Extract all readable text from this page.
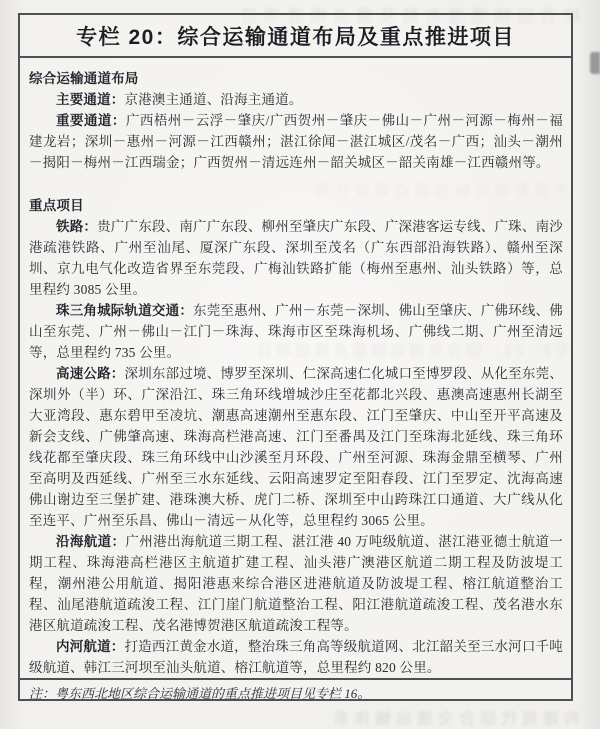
综合运输通道布局及重点推进项目
主要发展目标与重点建设任务
专栏 21：综合交通运输重点推进项目
构建现代综合交通运输体系
专栏 20：综合运输通道布局及重点推进项目
综合运输通道布局

主要通道：京港澳主通道、沿海主通道。

重要通道：广西梧州－云浮－肇庆/广西贺州－肇庆－佛山－广州－河源－梅州－福建龙岩；深圳－惠州－河源－江西赣州；湛江徐闻－湛江城区/茂名－广西；汕头－潮州－揭阳－梅州－江西瑞金；广西贺州－清远连州－韶关城区－韶关南雄－江西赣州等。

重点项目

铁路：贵广广东段、南广广东段、柳州至肇庆广东段、广深港客运专线、广珠、南沙港疏港铁路、广州至汕尾、厦深广东段、深圳至茂名（广东西部沿海铁路）、赣州至深圳、京九电气化改造省界至东莞段、广梅汕铁路扩能（梅州至惠州、汕头铁路）等，总里程约 3085 公里。

珠三角城际轨道交通：东莞至惠州、广州－东莞－深圳、佛山至肇庆、广佛环线、佛山至东莞、广州－佛山－江门－珠海、珠海市区至珠海机场、广佛线二期、广州至清远等，总里程约 735 公里。

高速公路：深圳东部过境、博罗至深圳、仁深高速仁化城口至博罗段、从化至东莞、深圳外（半）环、广深沿江、珠三角环线增城沙庄至花都北兴段、惠澳高速惠州长湖至大亚湾段、惠东碧甲至凌坑、潮惠高速潮州至惠东段、江门至肇庆、中山至开平高速及新会支线、广佛肇高速、珠海高栏港高速、江门至番禺及江门至珠海北延线、珠三角环线花都至肇庆段、珠三角环线中山沙溪至月环段、广州至河源、珠海金鼎至横琴、广州至高明及西延线、广州至三水东延线、云阳高速罗定至阳春段、江门至罗定、沈海高速佛山谢边至三堡扩建、港珠澳大桥、虎门二桥、深圳至中山跨珠江口通道、大广线从化至连平、广州至乐昌、佛山－清远－从化等，总里程约 3065 公里。

沿海航道：广州港出海航道三期工程、湛江港 40 万吨级航道、湛江港亚德士航道一期工程、珠海港高栏港区主航道扩建工程、汕头港广澳港区航道二期工程及防波堤工程，潮州港公用航道、揭阳港惠来综合港区进港航道及防波堤工程、榕江航道整治工程、汕尾港航道疏浚工程、江门崖门航道整治工程、阳江港航道疏浚工程、茂名港水东港区航道疏浚工程、茂名港博贺港区航道疏浚工程等。

内河航道：打造西江黄金水道，整治珠三角高等级航道网、北江韶关至三水河口千吨级航道、韩江三河坝至汕头航道、榕江航道等，总里程约 820 公里。

注：粤东西北地区综合运输通道的重点推进项目见专栏 16。
